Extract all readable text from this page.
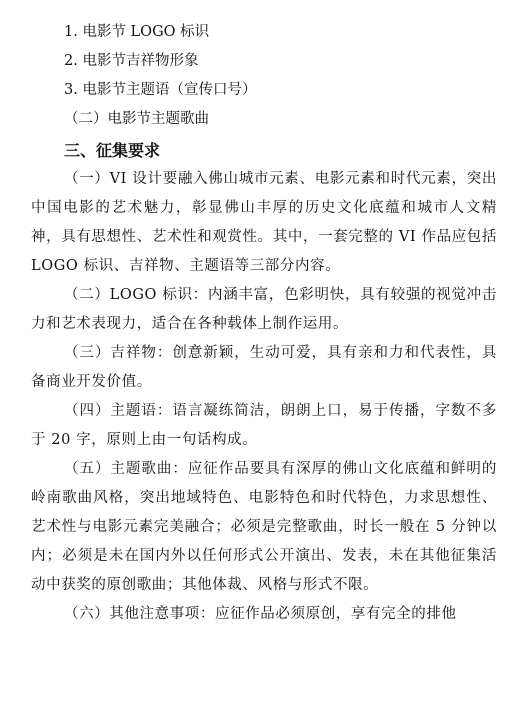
1. 电影节 LOGO 标识
2. 电影节吉祥物形象
3. 电影节主题语（宣传口号）
（二）电影节主题歌曲
三、征集要求

（一）VI 设计要融入佛山城市元素、电影元素和时代元素，突出中国电影的艺术魅力，彰显佛山丰厚的历史文化底蕴和城市人文精神，具有思想性、艺术性和观赏性。其中，一套完整的 VI 作品应包括 LOGO 标识、吉祥物、主题语等三部分内容。

（二）LOGO 标识：内涵丰富，色彩明快，具有较强的视觉冲击力和艺术表现力，适合在各种载体上制作运用。

（三）吉祥物：创意新颖，生动可爱，具有亲和力和代表性，具备商业开发价值。

（四）主题语：语言凝练简洁，朗朗上口，易于传播，字数不多于 20 字，原则上由一句话构成。

（五）主题歌曲：应征作品要具有深厚的佛山文化底蕴和鲜明的岭南歌曲风格，突出地域特色、电影特色和时代特色，力求思想性、艺术性与电影元素完美融合；必须是完整歌曲，时长一般在 5 分钟以内；必须是未在国内外以任何形式公开演出、发表，未在其他征集活动中获奖的原创歌曲；其他体裁、风格与形式不限。

（六）其他注意事项：应征作品必须原创，享有完全的排他
